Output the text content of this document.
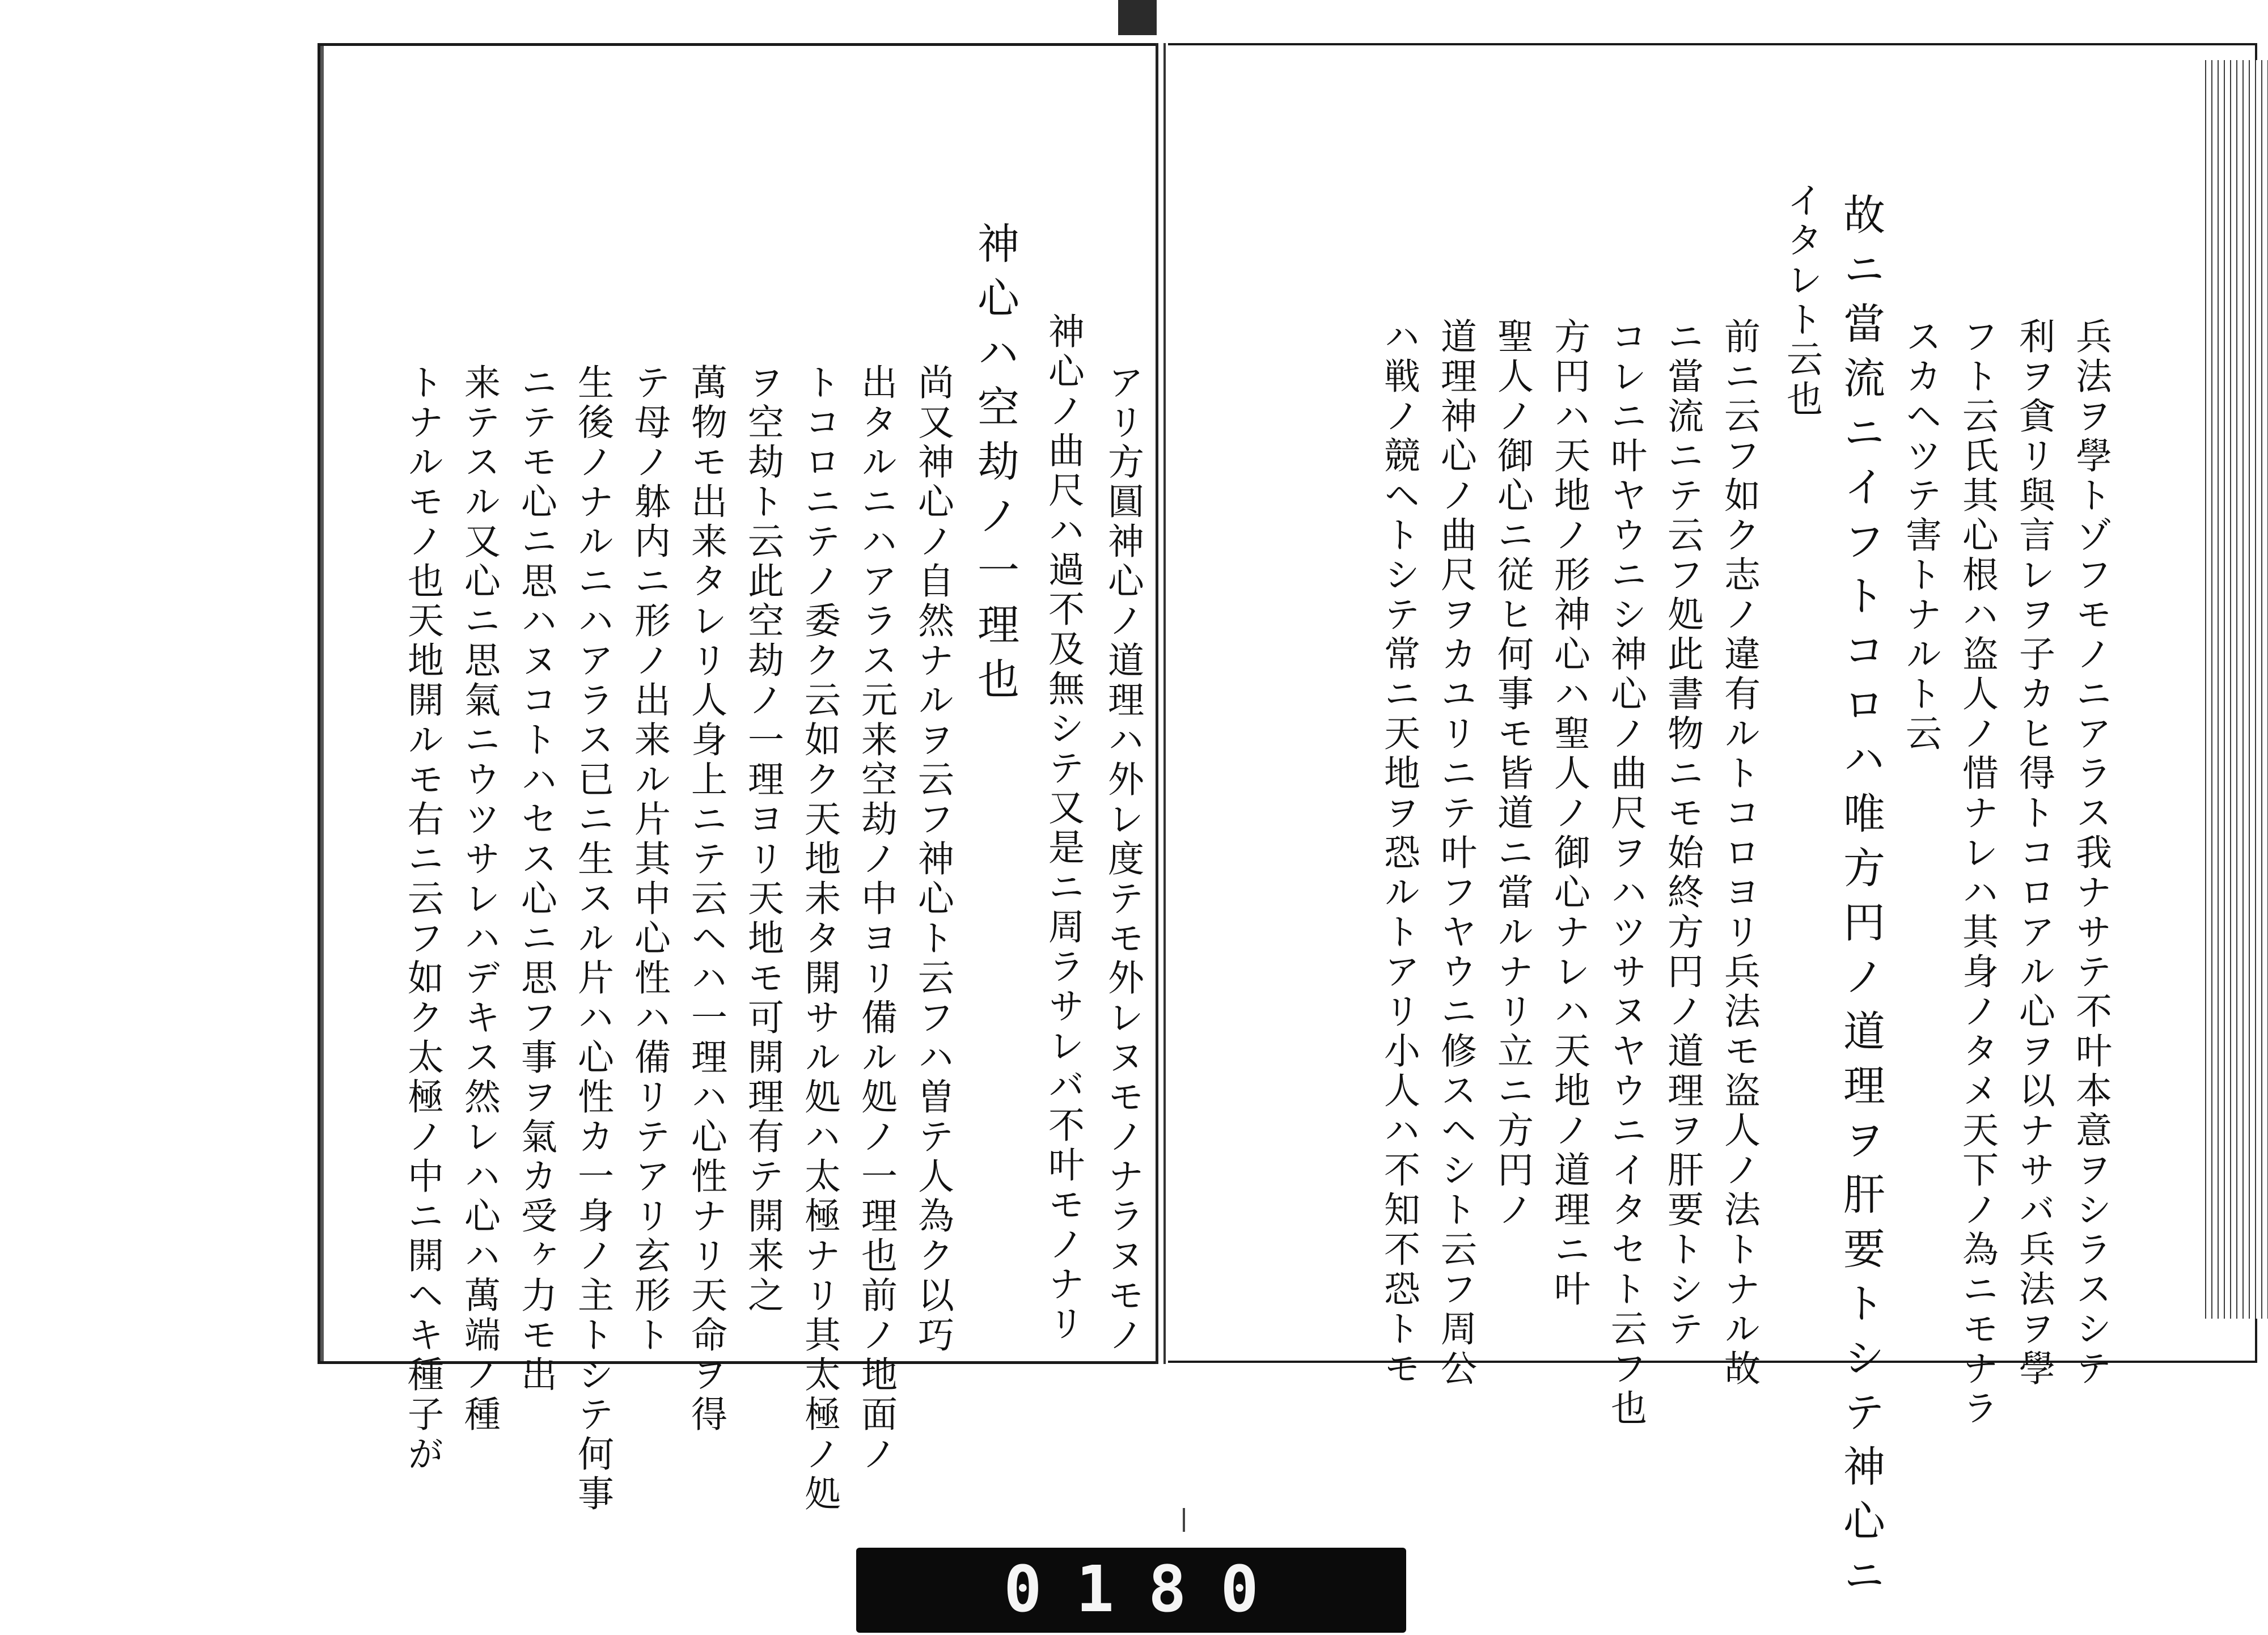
アリ方圓神心ノ道理ハ外レ度テモ外レヌモノナラヌモノ
神心ノ曲尺ハ過不及無シテ又是ニ周ラサレバ不叶モノナリ
神心ハ空劫ノ一理也
尚又神心ノ自然ナルヲ云フ神心ト云フハ曽テ人為ク以巧
出タルニハアラス元来空劫ノ中ヨリ備ル処ノ一理也前ノ地面ノ
トコロニテノ委ク云如ク天地未タ開サル処ハ太極ナリ其太極ノ処
ヲ空劫ト云此空劫ノ一理ヨリ天地モ可開理有テ開来之
萬物モ出来タレリ人身上ニテ云ヘハ一理ハ心性ナリ天命ヲ得
テ母ノ躰内ニ形ノ出来ル片其中心性ハ備リテアリ玄形ト
生後ノナルニハアラス已ニ生スル片ハ心性カ一身ノ主トシテ何事
ニテモ心ニ思ハヌコトハセス心ニ思フ事ヲ氣カ受ヶ力モ出
来テスル又心ニ思氣ニウツサレハデキス然レハ心ハ萬端ノ種
トナルモノ也天地開ルモ右ニ云フ如ク太極ノ中ニ開ヘキ種子が	兵法ヲ學トゾフモノニアラス我ナサテ不叶本意ヲシラスシテ
利ヲ貪リ與言レヲ子カヒ得トコロアル心ヲ以ナサバ兵法ヲ學
フト云氏其心根ハ盗人ノ惜ナレハ其身ノタメ天下ノ為ニモナラ
スカヘツテ害トナルト云
故ニ當流ニイフトコロハ唯方円ノ道理ヲ肝要トシテ神心ニ
イタレト云也
前ニ云フ如ク志ノ違有ルトコロヨリ兵法モ盗人ノ法トナル故
ニ當流ニテ云フ処此書物ニモ始終方円ノ道理ヲ肝要トシテ
コレニ叶ヤウニシ神心ノ曲尺ヲハツサヌヤウニイタセト云フ也
方円ハ天地ノ形神心ハ聖人ノ御心ナレハ天地ノ道理ニ叶
聖人ノ御心ニ従ヒ何事モ皆道ニ當ルナリ立ニ方円ノ
道理神心ノ曲尺ヲカユリニテ叶フヤウニ修スヘシト云フ周公
ハ戦ノ競ヘトシテ常ニ天地ヲ恐ルトアリ小人ハ不知不恐トモ
0180
